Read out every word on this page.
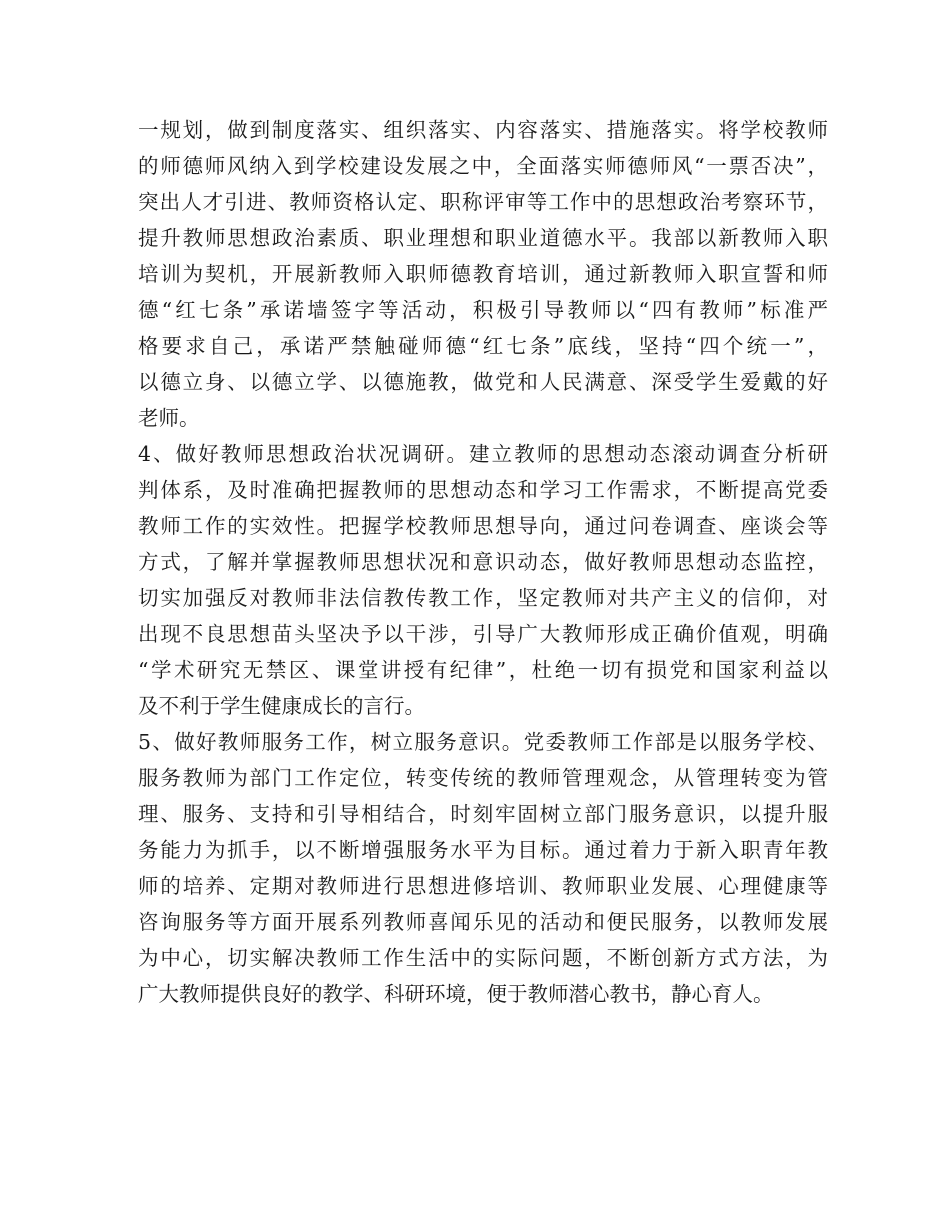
一规划，做到制度落实、组织落实、内容落实、措施落实。将学校教师
的师德师风纳入到学校建设发展之中，全面落实师德师风“一票否决”，
突出人才引进、教师资格认定、职称评审等工作中的思想政治考察环节，
提升教师思想政治素质、职业理想和职业道德水平。我部以新教师入职
培训为契机，开展新教师入职师德教育培训，通过新教师入职宣誓和师
德“红七条”承诺墙签字等活动，积极引导教师以“四有教师”标准严
格要求自己，承诺严禁触碰师德“红七条”底线，坚持“四个统一”，
以德立身、以德立学、以德施教，做党和人民满意、深受学生爱戴的好
老师。
4、做好教师思想政治状况调研。建立教师的思想动态滚动调查分析研
判体系，及时准确把握教师的思想动态和学习工作需求，不断提高党委
教师工作的实效性。把握学校教师思想导向，通过问卷调查、座谈会等
方式，了解并掌握教师思想状况和意识动态，做好教师思想动态监控，
切实加强反对教师非法信教传教工作，坚定教师对共产主义的信仰，对
出现不良思想苗头坚决予以干涉，引导广大教师形成正确价值观，明确
“学术研究无禁区、课堂讲授有纪律”，杜绝一切有损党和国家利益以
及不利于学生健康成长的言行。
5、做好教师服务工作，树立服务意识。党委教师工作部是以服务学校、
服务教师为部门工作定位，转变传统的教师管理观念，从管理转变为管
理、服务、支持和引导相结合，时刻牢固树立部门服务意识，以提升服
务能力为抓手，以不断增强服务水平为目标。通过着力于新入职青年教
师的培养、定期对教师进行思想进修培训、教师职业发展、心理健康等
咨询服务等方面开展系列教师喜闻乐见的活动和便民服务，以教师发展
为中心，切实解决教师工作生活中的实际问题，不断创新方式方法，为
广大教师提供良好的教学、科研环境，便于教师潜心教书，静心育人。
